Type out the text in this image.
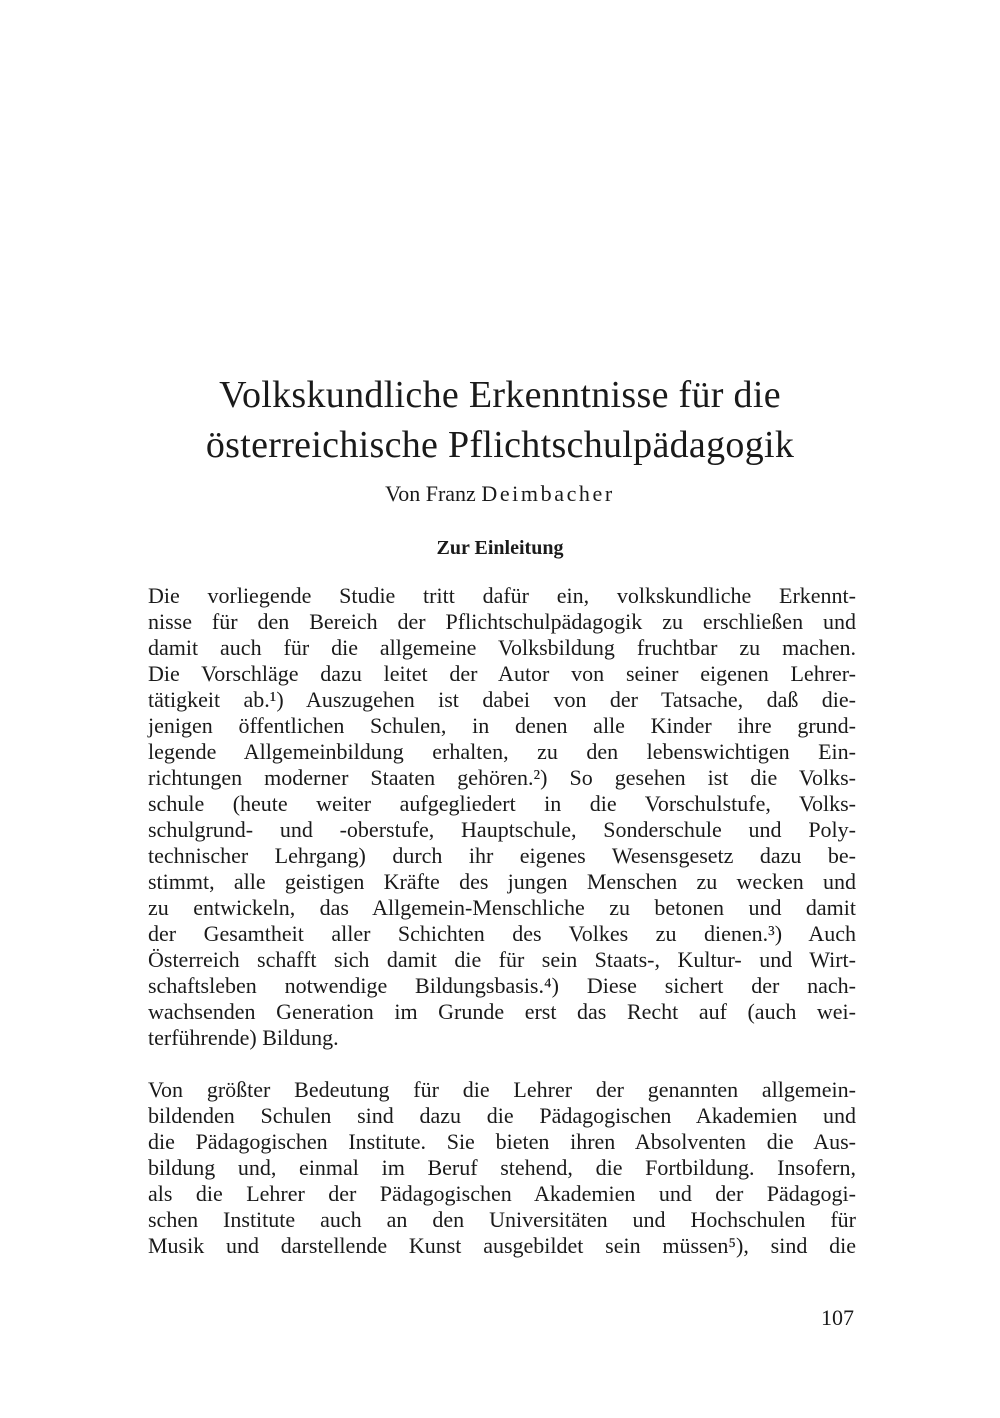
Volkskundliche Erkenntnisse für die
österreichische Pflichtschulpädagogik
Von Franz Deimbacher
Zur Einleitung

Die vorliegende Studie tritt dafür ein, volkskundliche Erkennt-
nisse für den Bereich der Pflichtschulpädagogik zu erschließen und
damit auch für die allgemeine Volksbildung fruchtbar zu machen.
Die Vorschläge dazu leitet der Autor von seiner eigenen Lehrer-
tätigkeit ab.¹) Auszugehen ist dabei von der Tatsache, daß die-
jenigen öffentlichen Schulen, in denen alle Kinder ihre grund-
legende Allgemeinbildung erhalten, zu den lebenswichtigen Ein-
richtungen moderner Staaten gehören.²) So gesehen ist die Volks-
schule (heute weiter aufgegliedert in die Vorschulstufe, Volks-
schulgrund- und -oberstufe, Hauptschule, Sonderschule und Poly-
technischer Lehrgang) durch ihr eigenes Wesensgesetz dazu be-
stimmt, alle geistigen Kräfte des jungen Menschen zu wecken und
zu entwickeln, das Allgemein-Menschliche zu betonen und damit
der Gesamtheit aller Schichten des Volkes zu dienen.³) Auch
Österreich schafft sich damit die für sein Staats-, Kultur- und Wirt-
schaftsleben notwendige Bildungsbasis.⁴) Diese sichert der nach-
wachsenden Generation im Grunde erst das Recht auf (auch wei-
terführende) Bildung.

Von größter Bedeutung für die Lehrer der genannten allgemein-
bildenden Schulen sind dazu die Pädagogischen Akademien und
die Pädagogischen Institute. Sie bieten ihren Absolventen die Aus-
bildung und, einmal im Beruf stehend, die Fortbildung. Insofern,
als die Lehrer der Pädagogischen Akademien und der Pädagogi-
schen Institute auch an den Universitäten und Hochschulen für
Musik und darstellende Kunst ausgebildet sein müssen⁵), sind die

107
